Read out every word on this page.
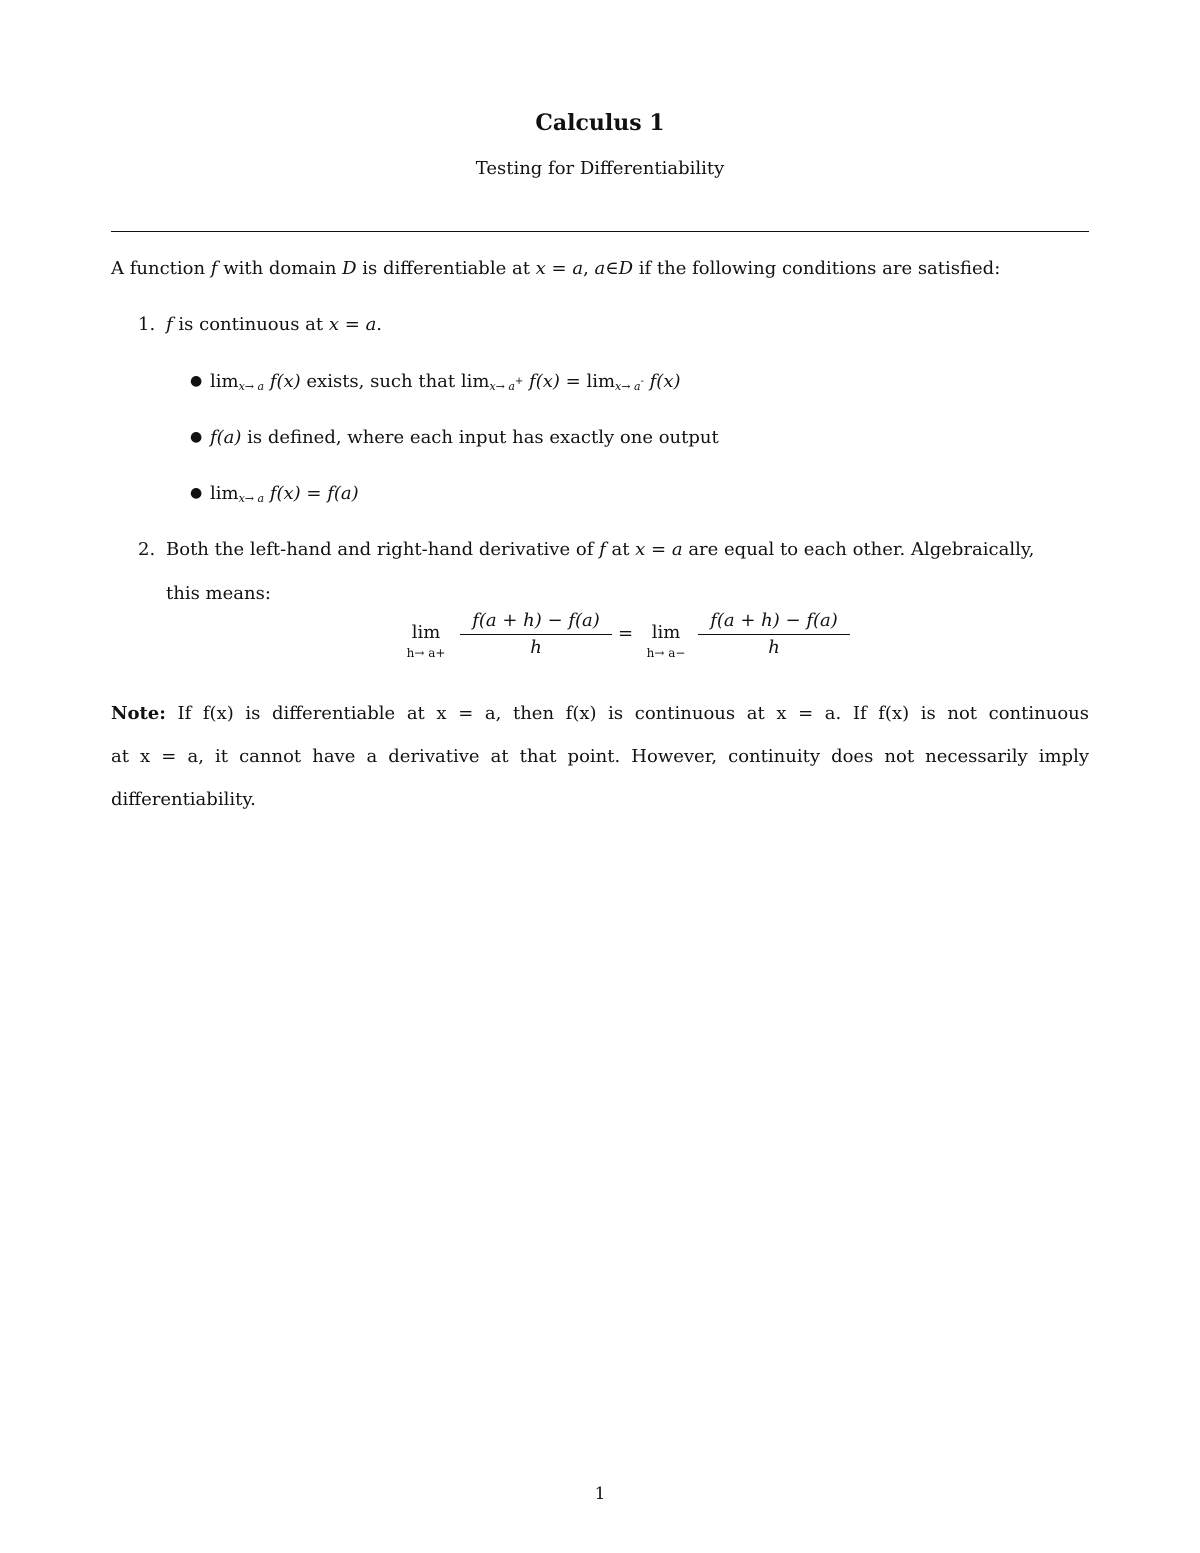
Calculus 1
Testing for Differentiability
A function f with domain D is differentiable at x = a, a∈D if the following conditions are satisfied:
1. f is continuous at x = a.
● $\lim_{x\to a} f(x)$ exists, such that $\lim_{x\to a^+} f(x) = \lim_{x\to a^-} f(x)$
● f(a) is defined, where each input has exactly one output
● $\lim_{x\to a} f(x) = f(a)$
2. Both the left-hand and right-hand derivative of f at x = a are equal to each other. Algebraically,
this means:
lim
$h\to a+ \frac{f(a + h) - f(a)}{h}$ =	lim
$h\to a- \frac{f(a + h) - f(a)}{h}$
Note: If f(x) is differentiable at x = a, then f(x) is continuous at x = a. If f(x) is not continuous
at x = a, it cannot have a derivative at that point. However, continuity does not necessarily imply
differentiability.
1
